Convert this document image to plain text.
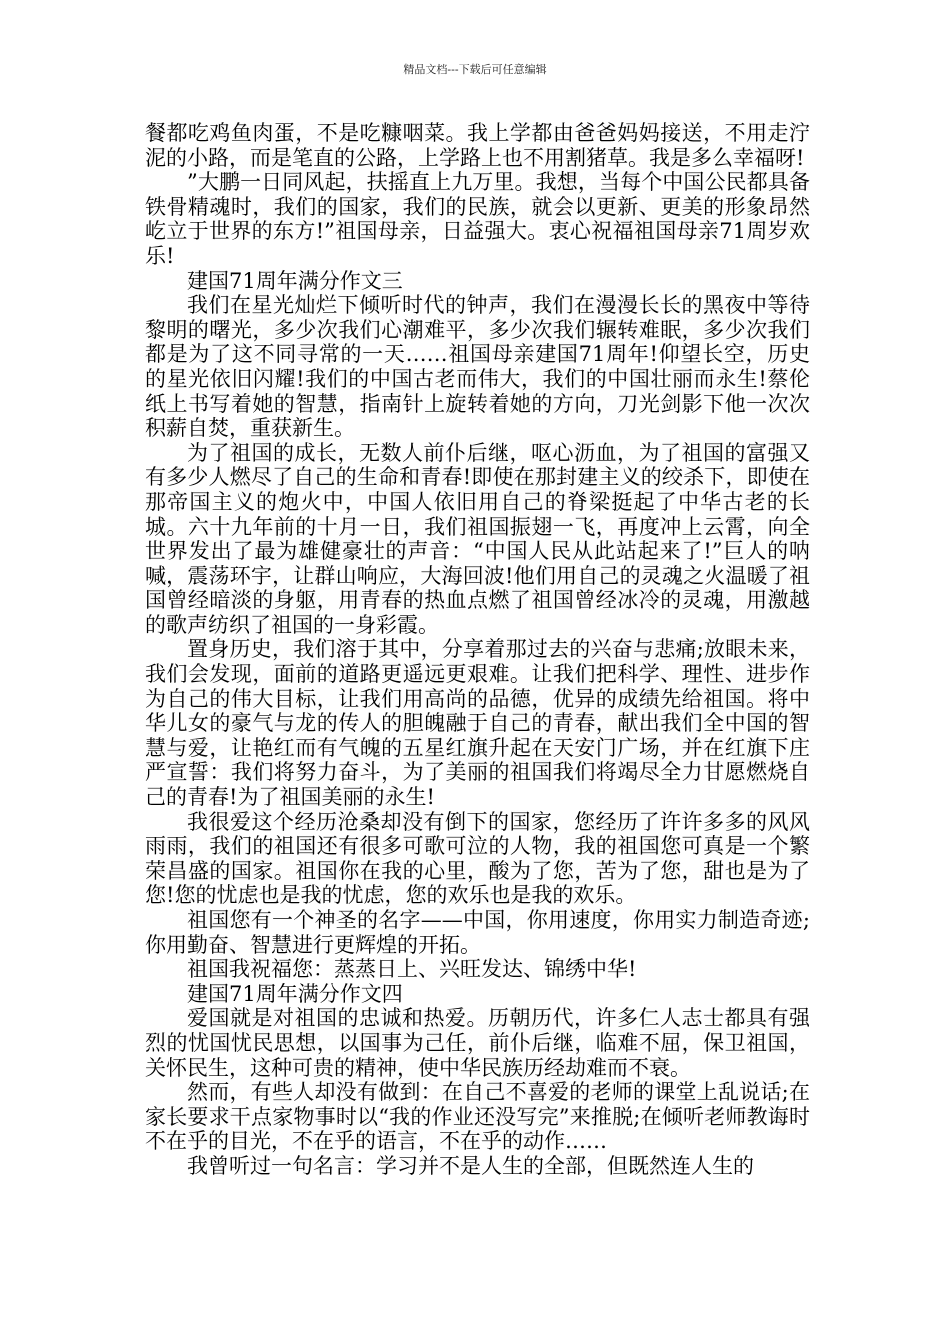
精品文档---下载后可任意编辑

餐都吃鸡鱼肉蛋，不是吃糠咽菜。我上学都由爸爸妈妈接送，不用走泞泥的小路，而是笔直的公路，上学路上也不用割猪草。我是多么幸福呀!

”大鹏一日同风起，扶摇直上九万里。我想，当每个中国公民都具备铁骨精魂时，我们的国家，我们的民族，就会以更新、更美的形象昂然屹立于世界的东方!”祖国母亲，日益强大。衷心祝福祖国母亲71周岁欢乐!

建国71周年满分作文三

我们在星光灿烂下倾听时代的钟声，我们在漫漫长长的黑夜中等待黎明的曙光，多少次我们心潮难平，多少次我们辗转难眠，多少次我们都是为了这不同寻常的一天……祖国母亲建国71周年!仰望长空，历史的星光依旧闪耀!我们的中国古老而伟大，我们的中国壮丽而永生!蔡伦纸上书写着她的智慧，指南针上旋转着她的方向，刀光剑影下他一次次积薪自焚，重获新生。

为了祖国的成长，无数人前仆后继，呕心沥血，为了祖国的富强又有多少人燃尽了自己的生命和青春!即使在那封建主义的绞杀下，即使在那帝国主义的炮火中，中国人依旧用自己的脊梁挺起了中华古老的长城。六十九年前的十月一日，我们祖国振翅一飞，再度冲上云霄，向全世界发出了最为雄健豪壮的声音：“中国人民从此站起来了!”巨人的呐喊，震荡环宇，让群山响应，大海回波!他们用自己的灵魂之火温暖了祖国曾经暗淡的身躯，用青春的热血点燃了祖国曾经冰冷的灵魂，用激越的歌声纺织了祖国的一身彩霞。

置身历史，我们溶于其中，分享着那过去的兴奋与悲痛;放眼未来，我们会发现，面前的道路更遥远更艰难。让我们把科学、理性、进步作为自己的伟大目标，让我们用高尚的品德，优异的成绩先给祖国。将中华儿女的豪气与龙的传人的胆魄融于自己的青春，献出我们全中国的智慧与爱，让艳红而有气魄的五星红旗升起在天安门广场，并在红旗下庄严宣誓：我们将努力奋斗，为了美丽的祖国我们将竭尽全力甘愿燃烧自己的青春!为了祖国美丽的永生!

我很爱这个经历沧桑却没有倒下的国家，您经历了许许多多的风风雨雨，我们的祖国还有很多可歌可泣的人物，我的祖国您可真是一个繁荣昌盛的国家。祖国你在我的心里，酸为了您，苦为了您，甜也是为了您!您的忧虑也是我的忧虑，您的欢乐也是我的欢乐。

祖国您有一个神圣的名字——中国，你用速度，你用实力制造奇迹;你用勤奋、智慧进行更辉煌的开拓。

祖国我祝福您：蒸蒸日上、兴旺发达、锦绣中华!

建国71周年满分作文四

爱国就是对祖国的忠诚和热爱。历朝历代，许多仁人志士都具有强烈的忧国忧民思想，以国事为己任，前仆后继，临难不屈，保卫祖国，关怀民生，这种可贵的精神，使中华民族历经劫难而不衰。

然而，有些人却没有做到：在自己不喜爱的老师的课堂上乱说话;在家长要求干点家物事时以“我的作业还没写完”来推脱;在倾听老师教诲时不在乎的目光，不在乎的语言，不在乎的动作……

我曾听过一句名言：学习并不是人生的全部，但既然连人生的
